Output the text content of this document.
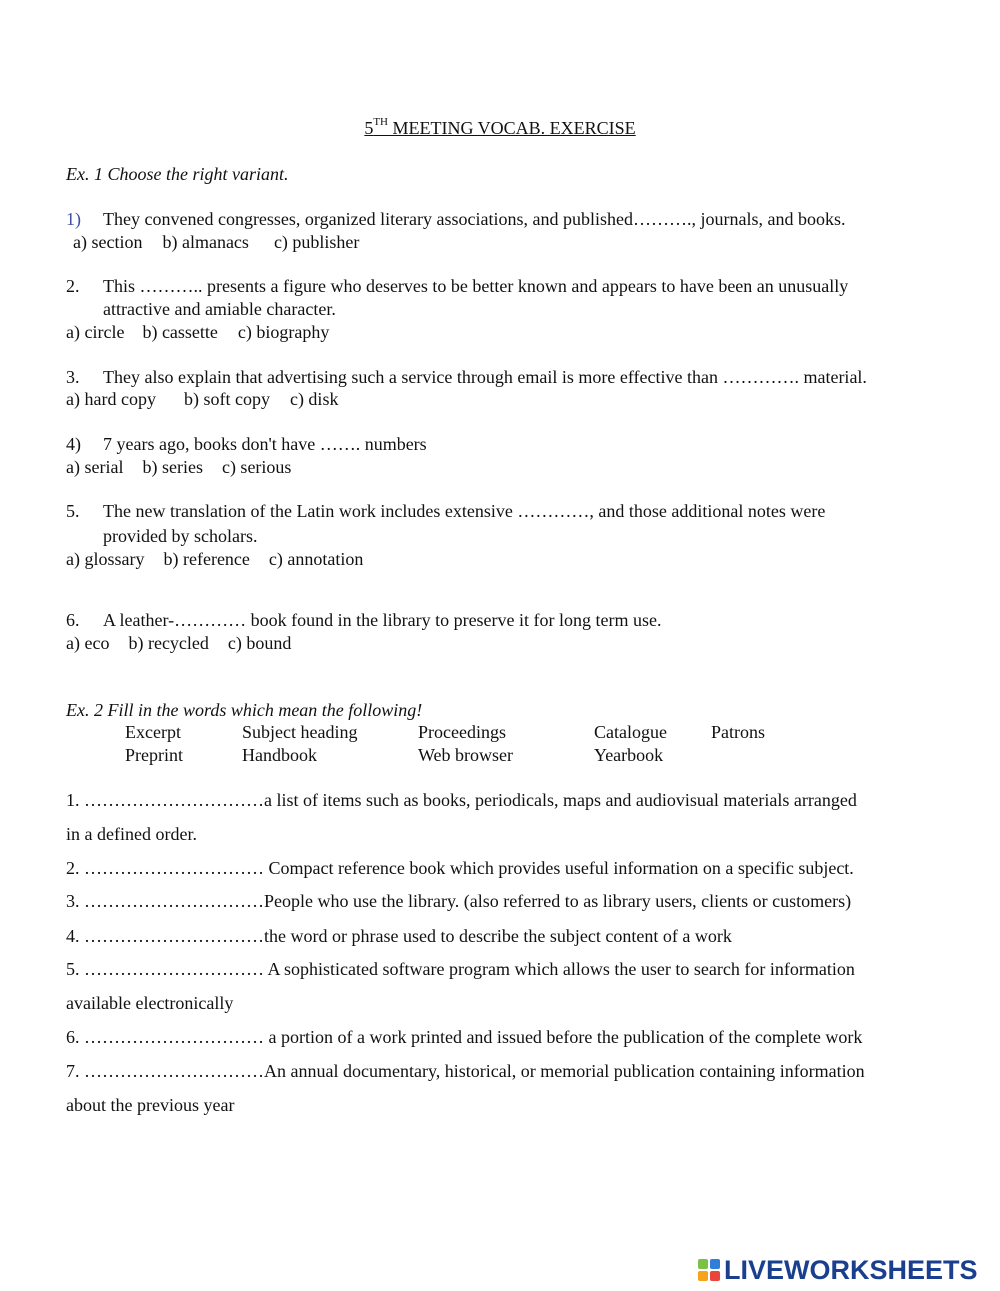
5TH MEETING VOCAB. EXERCISE
Ex. 1 Choose the right variant.
1) They convened congresses, organized literary associations, and published………., journals, and books.
a) section b) almanacs c) publisher
2. This ……….. presents a figure who deserves to be better known and appears to have been an unusually
attractive and amiable character.
a) circle b) cassette c) biography
3. They also explain that advertising such a service through email is more effective than …………. material.
a) hard copy b) soft copy c) disk
4) 7 years ago, books don't have ……. numbers
a) serial b) series c) serious
5. The new translation of the Latin work includes extensive …………, and those additional notes were
provided by scholars.
a) glossary b) reference c) annotation
6. A leather-………… book found in the library to preserve it for long term use.
a) eco b) recycled c) bound
Ex. 2 Fill in the words which mean the following!
Excerpt	Subject heading	Proceedings	Catalogue Patrons
Preprint	Handbook	Web browser	Yearbook
1. …………………………a list of items such as books, periodicals, maps and audiovisual materials arranged
in a defined order.
2. ………………………… Compact reference book which provides useful information on a specific subject.
3. …………………………People who use the library. (also referred to as library users, clients or customers)
4. …………………………the word or phrase used to describe the subject content of a work
5. ………………………… A sophisticated software program which allows the user to search for information
available electronically
6. ………………………… a portion of a work printed and issued before the publication of the complete work
7. …………………………An annual documentary, historical, or memorial publication containing information
about the previous year
LIVEWORKSHEETS
